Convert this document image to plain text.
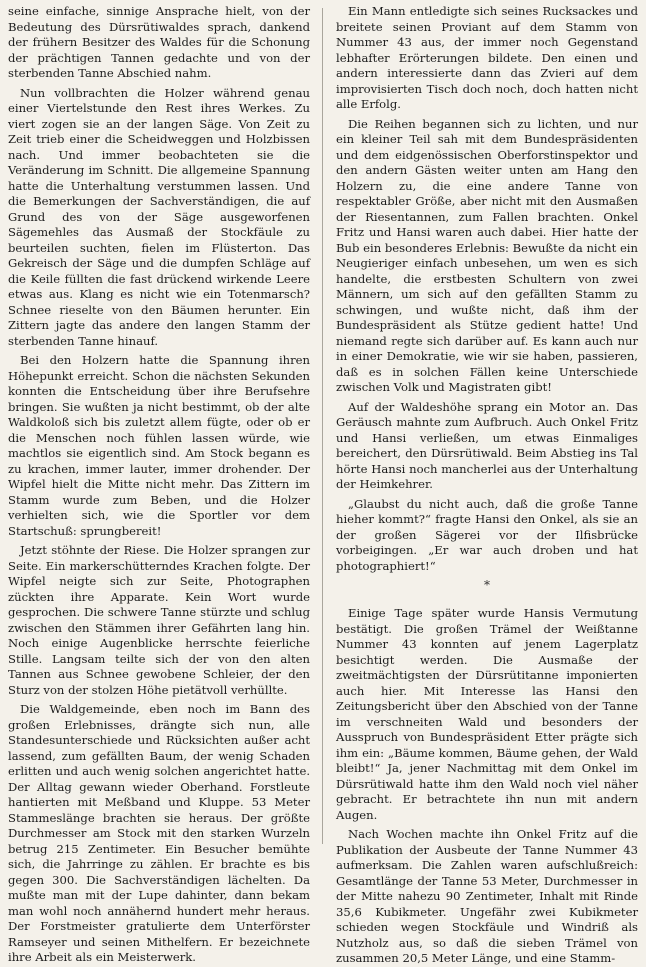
seine einfache, sinnige Ansprache hielt, von der Bedeutung des Dürsrütiwaldes sprach, dankend der frühern Besitzer des Waldes für die Schonung der prächtigen Tannen gedachte und von der sterbenden Tanne Abschied nahm.

Nun vollbrachten die Holzer während genau einer Viertelstunde den Rest ihres Werkes. Zu viert zogen sie an der langen Säge. Von Zeit zu Zeit trieb einer die Scheidweggen und Holzbissen nach. Und immer beobachteten sie die Veränderung im Schnitt. Die allgemeine Spannung hatte die Unterhaltung verstummen lassen. Und die Bemerkungen der Sachverständigen, die auf Grund des von der Säge ausgeworfenen Sägemehles das Ausmaß der Stockfäule zu beurteilen suchten, fielen im Flüsterton. Das Gekreisch der Säge und die dumpfen Schläge auf die Keile füllten die fast drückend wirkende Leere etwas aus. Klang es nicht wie ein Totenmarsch? Schnee rieselte von den Bäumen herunter. Ein Zittern jagte das andere den langen Stamm der sterbenden Tanne hinauf.

Bei den Holzern hatte die Spannung ihren Höhepunkt erreicht. Schon die nächsten Sekunden konnten die Entscheidung über ihre Berufsehre bringen. Sie wußten ja nicht bestimmt, ob der alte Waldkoloß sich bis zuletzt allem fügte, oder ob er die Menschen noch fühlen lassen würde, wie machtlos sie eigentlich sind. Am Stock begann es zu krachen, immer lauter, immer drohender. Der Wipfel hielt die Mitte nicht mehr. Das Zittern im Stamm wurde zum Beben, und die Holzer verhielten sich, wie die Sportler vor dem Startschuß: sprungbereit!

Jetzt stöhnte der Riese. Die Holzer sprangen zur Seite. Ein markerschütterndes Krachen folgte. Der Wipfel neigte sich zur Seite, Photographen zückten ihre Apparate. Kein Wort wurde gesprochen. Die schwere Tanne stürzte und schlug zwischen den Stämmen ihrer Gefährten lang hin. Noch einige Augenblicke herrschte feierliche Stille. Langsam teilte sich der von den alten Tannen aus Schnee gewobene Schleier, der den Sturz von der stolzen Höhe pietätvoll verhüllte.

Die Waldgemeinde, eben noch im Bann des großen Erlebnisses, drängte sich nun, alle Standesunterschiede und Rücksichten außer acht lassend, zum gefällten Baum, der wenig Schaden erlitten und auch wenig solchen angerichtet hatte. Der Alltag gewann wieder Oberhand. Forstleute hantierten mit Meßband und Kluppe. 53 Meter Stammeslänge brachten sie heraus. Der größte Durchmesser am Stock mit den starken Wurzeln betrug 215 Zentimeter. Ein Besucher bemühte sich, die Jahrringe zu zählen. Er brachte es bis gegen 300. Die Sachverständigen lächelten. Da mußte man mit der Lupe dahinter, dann bekam man wohl noch annähernd hundert mehr heraus. Der Forstmeister gratulierte dem Unterförster Ramseyer und seinen Mithelfern. Er bezeichnete ihre Arbeit als ein Meisterwerk.

Ein Mann entledigte sich seines Rucksackes und breitete seinen Proviant auf dem Stamm von Nummer 43 aus, der immer noch Gegenstand lebhafter Erörterungen bildete. Den einen und andern interessierte dann das Zvieri auf dem improvisierten Tisch doch noch, doch hatten nicht alle Erfolg.

Die Reihen begannen sich zu lichten, und nur ein kleiner Teil sah mit dem Bundespräsidenten und dem eidgenössischen Oberforstinspektor und den andern Gästen weiter unten am Hang den Holzern zu, die eine andere Tanne von respektabler Größe, aber nicht mit den Ausmaßen der Riesentannen, zum Fallen brachten. Onkel Fritz und Hansi waren auch dabei. Hier hatte der Bub ein besonderes Erlebnis: Bewußte da nicht ein Neugieriger einfach unbesehen, um wen es sich handelte, die erstbesten Schultern von zwei Männern, um sich auf den gefällten Stamm zu schwingen, und wußte nicht, daß ihm der Bundespräsident als Stütze gedient hatte! Und niemand regte sich darüber auf. Es kann auch nur in einer Demokratie, wie wir sie haben, passieren, daß es in solchen Fällen keine Unterschiede zwischen Volk und Magistraten gibt!

Auf der Waldeshöhe sprang ein Motor an. Das Geräusch mahnte zum Aufbruch. Auch Onkel Fritz und Hansi verließen, um etwas Einmaliges bereichert, den Dürsrütiwald. Beim Abstieg ins Tal hörte Hansi noch mancherlei aus der Unterhaltung der Heimkehrer.

„Glaubst du nicht auch, daß die große Tanne hieher kommt?“ fragte Hansi den Onkel, als sie an der großen Sägerei vor der Ilfisbrücke vorbeigingen. „Er war auch droben und hat photographiert!“

*

Einige Tage später wurde Hansis Vermutung bestätigt. Die großen Trämel der Weißtanne Nummer 43 konnten auf jenem Lagerplatz besichtigt werden. Die Ausmaße der zweitmächtigsten der Dürsrütitanne imponierten auch hier. Mit Interesse las Hansi den Zeitungsbericht über den Abschied von der Tanne im verschneiten Wald und besonders der Ausspruch von Bundespräsident Etter prägte sich ihm ein: „Bäume kommen, Bäume gehen, der Wald bleibt!“ Ja, jener Nachmittag mit dem Onkel im Dürsrütiwald hatte ihm den Wald noch viel näher gebracht. Er betrachtete ihn nun mit andern Augen.

Nach Wochen machte ihn Onkel Fritz auf die Publikation der Ausbeute der Tanne Nummer 43 aufmerksam. Die Zahlen waren aufschlußreich: Gesamtlänge der Tanne 53 Meter, Durchmesser in der Mitte nahezu 90 Zentimeter, Inhalt mit Rinde 35,6 Kubikmeter. Ungefähr zwei Kubikmeter schieden wegen Stockfäule und Windriß als Nutzholz aus, so daß die sieben Trämel von zusammen 20,5 Meter Länge, und eine Stamm-
